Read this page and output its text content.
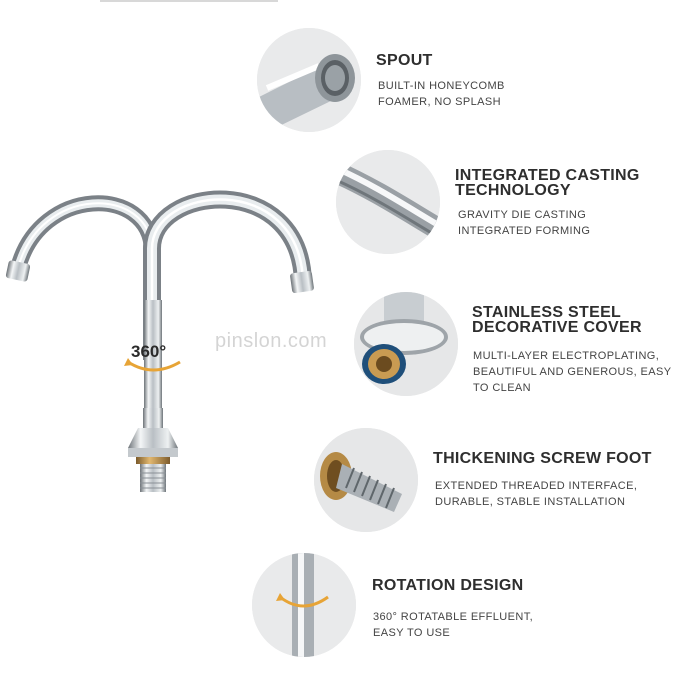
pinslon.com
360°
SPOUT
BUILT-IN HONEYCOMB
FOAMER, NO SPLASH
INTEGRATED CASTING
TECHNOLOGY
GRAVITY DIE CASTING
INTEGRATED FORMING
STAINLESS STEEL
DECORATIVE COVER
MULTI-LAYER ELECTROPLATING,
BEAUTIFUL AND GENEROUS, EASY
TO CLEAN
THICKENING SCREW FOOT
EXTENDED THREADED INTERFACE,
DURABLE, STABLE INSTALLATION
ROTATION DESIGN
360° ROTATABLE EFFLUENT,
EASY TO USE
